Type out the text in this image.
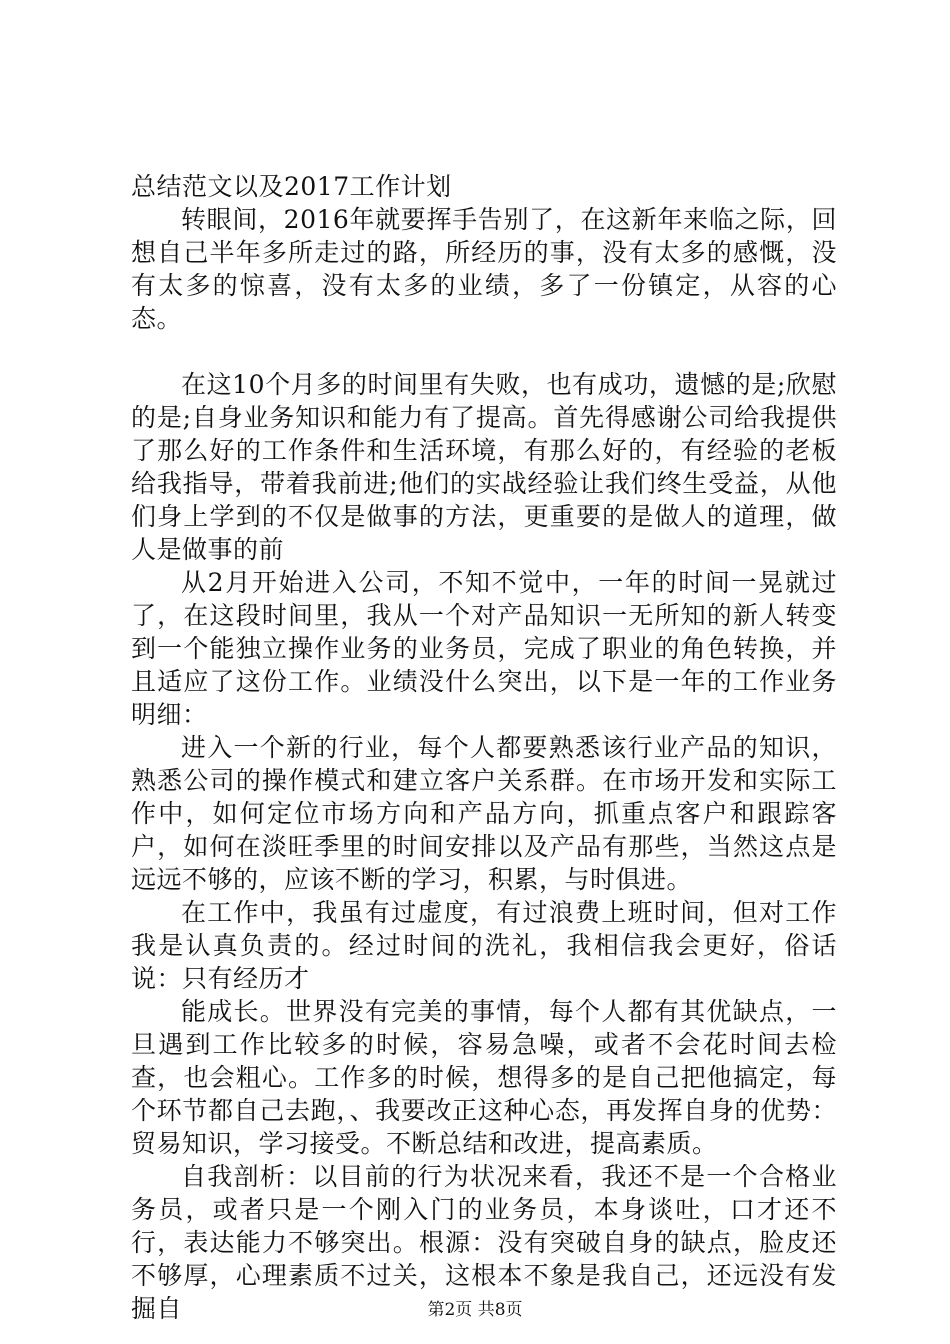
总结范文以及2017工作计划

转眼间，2016年就要挥手告别了，在这新年来临之际，回想自己半年多所走过的路，所经历的事，没有太多的感慨，没有太多的惊喜，没有太多的业绩，多了一份镇定，从容的心态。

在这10个月多的时间里有失败，也有成功，遗憾的是;欣慰的是;自身业务知识和能力有了提高。首先得感谢公司给我提供了那么好的工作条件和生活环境，有那么好的，有经验的老板给我指导，带着我前进;他们的实战经验让我们终生受益，从他们身上学到的不仅是做事的方法，更重要的是做人的道理，做人是做事的前

从2月开始进入公司，不知不觉中，一年的时间一晃就过了，在这段时间里，我从一个对产品知识一无所知的新人转变到一个能独立操作业务的业务员，完成了职业的角色转换，并且适应了这份工作。业绩没什么突出，以下是一年的工作业务明细：

进入一个新的行业，每个人都要熟悉该行业产品的知识，熟悉公司的操作模式和建立客户关系群。在市场开发和实际工作中，如何定位市场方向和产品方向，抓重点客户和跟踪客户，如何在淡旺季里的时间安排以及产品有那些，当然这点是远远不够的，应该不断的学习，积累，与时俱进。

在工作中，我虽有过虚度，有过浪费上班时间，但对工作我是认真负责的。经过时间的洗礼，我相信我会更好，俗话说：只有经历才

能成长。世界没有完美的事情，每个人都有其优缺点，一旦遇到工作比较多的时候，容易急噪，或者不会花时间去检查，也会粗心。工作多的时候，想得多的是自己把他搞定，每个环节都自己去跑，、我要改正这种心态，再发挥自身的优势：贸易知识，学习接受。不断总结和改进，提高素质。

自我剖析：以目前的行为状况来看，我还不是一个合格业务员，或者只是一个刚入门的业务员，本身谈吐，口才还不行，表达能力不够突出。根源：没有突破自身的缺点，脸皮还不够厚，心理素质不过关，这根本不象是我自己，还远没有发掘自	第2页 共8页
